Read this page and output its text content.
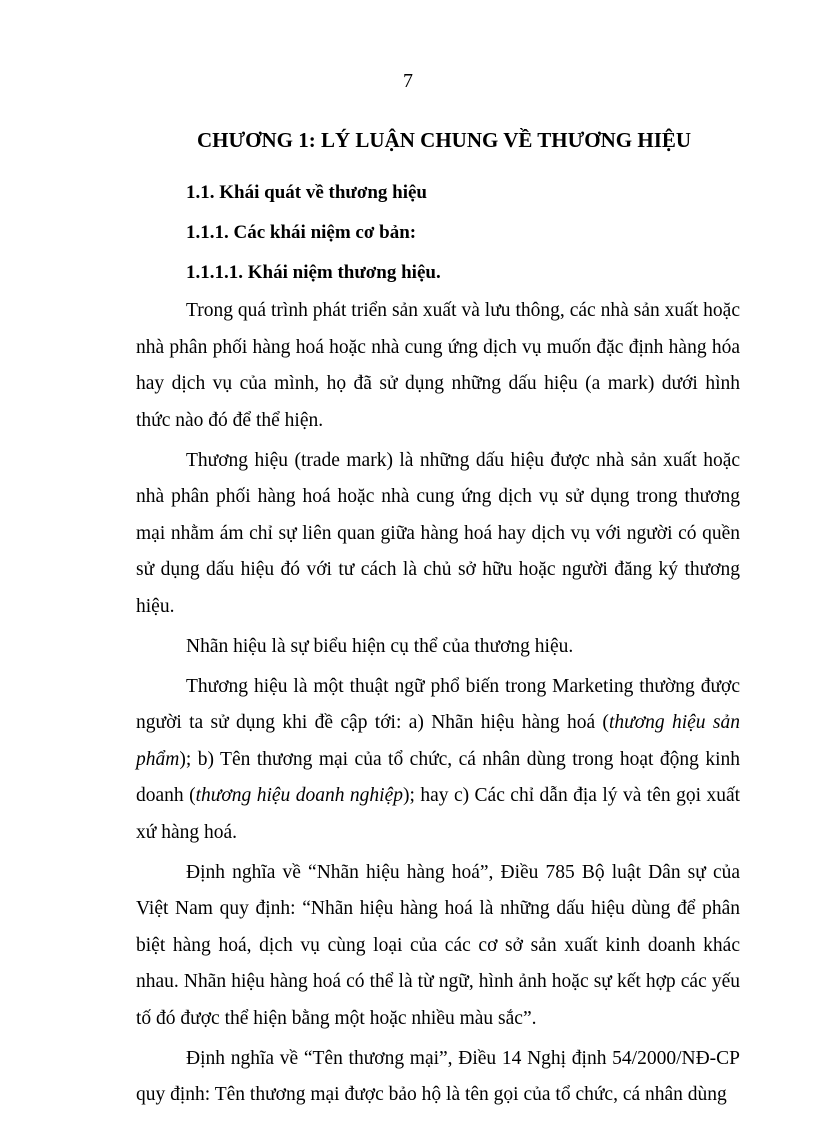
7
CHƯƠNG 1: LÝ LUẬN CHUNG VỀ THƯƠNG HIỆU

1.1. Khái quát về thương hiệu

1.1.1. Các khái niệm cơ bản:

1.1.1.1. Khái niệm thương hiệu.

Trong quá trình phát triển sản xuất và lưu thông, các nhà sản xuất hoặc nhà phân phối hàng hoá hoặc nhà cung ứng dịch vụ muốn đặc định hàng hóa hay dịch vụ của mình, họ đã sử dụng những dấu hiệu (a mark) dưới hình thức nào đó để thể hiện.

Thương hiệu (trade mark) là những dấu hiệu được nhà sản xuất hoặc nhà phân phối hàng hoá hoặc nhà cung ứng dịch vụ sử dụng trong thương mại nhằm ám chỉ sự liên quan giữa hàng hoá hay dịch vụ với người có quền sử dụng dấu hiệu đó với tư cách là chủ sở hữu hoặc người đăng ký thương hiệu.

Nhãn hiệu là sự biểu hiện cụ thể của thương hiệu.

Thương hiệu là một thuật ngữ phổ biến trong Marketing thường được người ta sử dụng khi đề cập tới: a) Nhãn hiệu hàng hoá (thương hiệu sản phẩm); b) Tên thương mại của tổ chức, cá nhân dùng trong hoạt động kinh doanh (thương hiệu doanh nghiệp); hay c) Các chỉ dẫn địa lý và tên gọi xuất xứ hàng hoá.

Định nghĩa về “Nhãn hiệu hàng hoá”, Điều 785 Bộ luật Dân sự của Việt Nam quy định: “Nhãn hiệu hàng hoá là những dấu hiệu dùng để phân biệt hàng hoá, dịch vụ cùng loại của các cơ sở sản xuất kinh doanh khác nhau. Nhãn hiệu hàng hoá có thể là từ ngữ, hình ảnh hoặc sự kết hợp các yếu tố đó được thể hiện bằng một hoặc nhiều màu sắc”.

Định nghĩa về “Tên thương mại”, Điều 14 Nghị định 54/2000/NĐ-CP quy định: Tên thương mại được bảo hộ là tên gọi của tổ chức, cá nhân dùng
